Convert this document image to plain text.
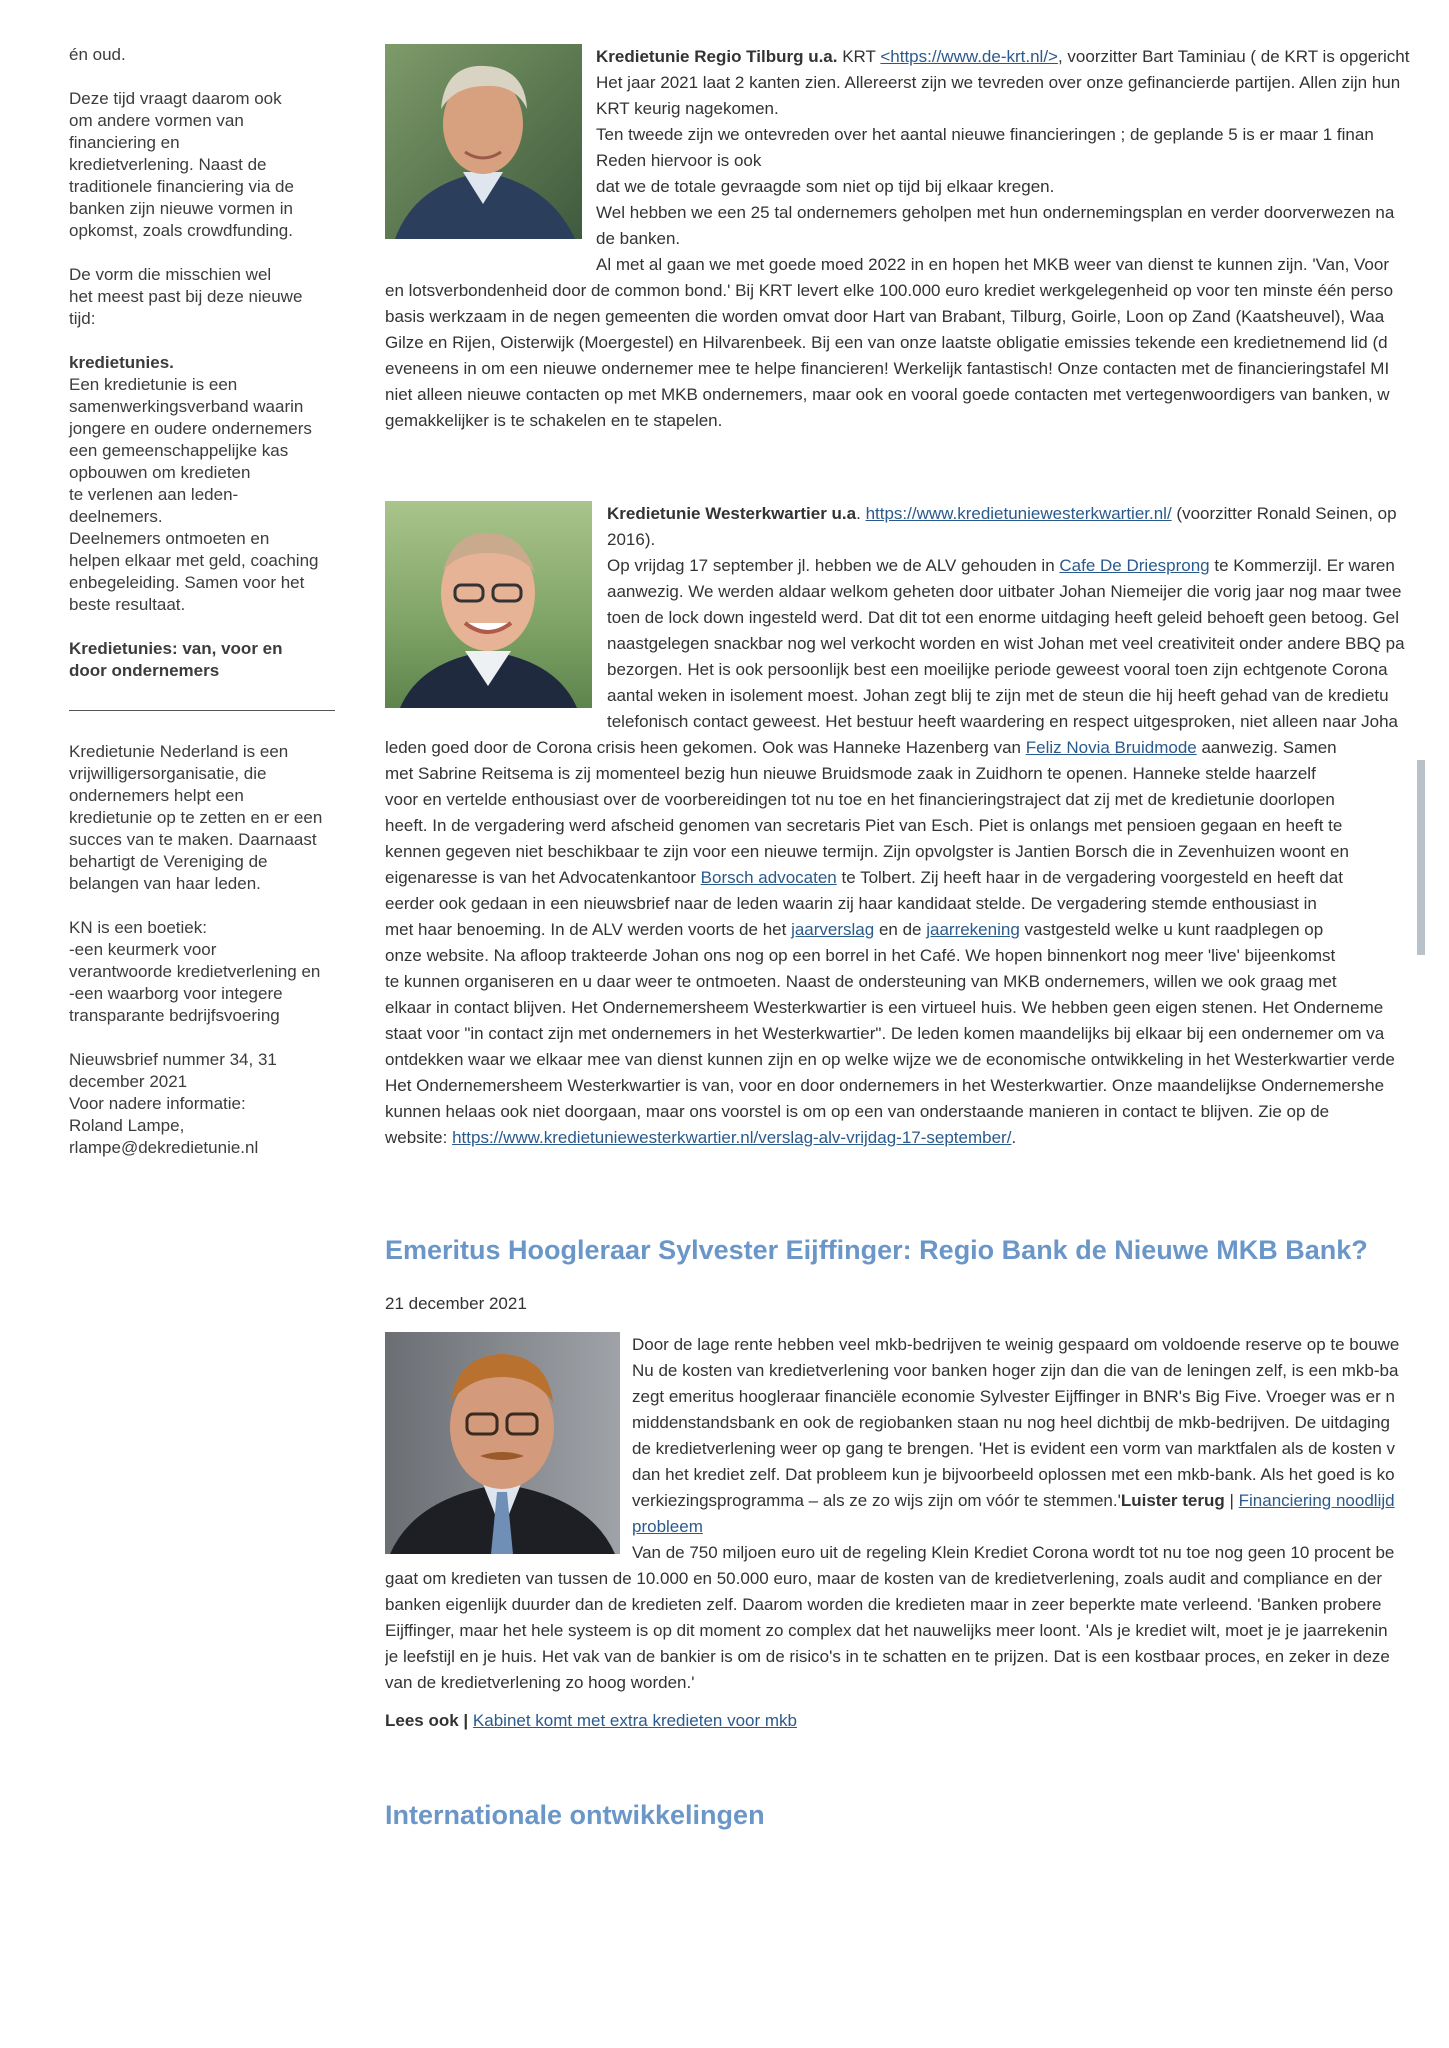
én oud.

Deze tijd vraagt daarom ook
om andere vormen van
financiering en
kredietverlening. Naast de
traditionele financiering via de
banken zijn nieuwe vormen in
opkomst, zoals crowdfunding.

De vorm die misschien wel
het meest past bij deze nieuwe
tijd:

kredietunies.
Een kredietunie is een
samenwerkingsverband waarin
jongere en oudere ondernemers
een gemeenschappelijke kas
opbouwen om kredieten
te verlenen aan leden-
deelnemers.
Deelnemers ontmoeten en
helpen elkaar met geld, coaching
enbegeleiding. Samen voor het
beste resultaat.

Kredietunies: van, voor en
door ondernemers

Kredietunie Nederland is een
vrijwilligersorganisatie, die
ondernemers helpt een
kredietunie op te zetten en er een
succes van te maken. Daarnaast
behartigt de Vereniging de
belangen van haar leden.

KN is een boetiek:
-een keurmerk voor
verantwoorde kredietverlening en
-een waarborg voor integere
transparante bedrijfsvoering

Nieuwsbrief nummer 34, 31
december 2021
Voor nadere informatie:
Roland Lampe,
rlampe@dekredietunie.nl

Kredietunie Regio Tilburg u.a. KRT <https://www.de-krt.nl/>, voorzitter Bart Taminiau ( de KRT is opgericht
Het jaar 2021 laat 2 kanten zien. Allereerst zijn we tevreden over onze gefinancierde partijen. Allen zijn hun
KRT keurig nagekomen.
Ten tweede zijn we ontevreden over het aantal nieuwe financieringen ; de geplande 5 is er maar 1 finan
Reden hiervoor is ook
dat we de totale gevraagde som niet op tijd bij elkaar kregen.
Wel hebben we een 25 tal ondernemers geholpen met hun ondernemingsplan en verder doorverwezen na
de banken.
Al met al gaan we met goede moed 2022 in en hopen het MKB weer van dienst te kunnen zijn. 'Van, Voor
en lotsverbondenheid door de common bond.' Bij KRT levert elke 100.000 euro krediet werkgelegenheid op voor ten minste één perso
basis werkzaam in de negen gemeenten die worden omvat door Hart van Brabant, Tilburg, Goirle, Loon op Zand (Kaatsheuvel), Waa
Gilze en Rijen, Oisterwijk (Moergestel) en Hilvarenbeek. Bij een van onze laatste obligatie emissies tekende een kredietnemend lid (d
eveneens in om een nieuwe ondernemer mee te helpe financieren! Werkelijk fantastisch! Onze contacten met de financieringstafel MI
niet alleen nieuwe contacten op met MKB ondernemers, maar ook en vooral goede contacten met vertegenwoordigers van banken, w
gemakkelijker is te schakelen en te stapelen.
Kredietunie Westerkwartier u.a. https://www.kredietuniewesterkwartier.nl/ (voorzitter Ronald Seinen, op
2016).
Op vrijdag 17 september jl. hebben we de ALV gehouden in Cafe De Driesprong te Kommerzijl. Er waren
aanwezig. We werden aldaar welkom geheten door uitbater Johan Niemeijer die vorig jaar nog maar twee
toen de lock down ingesteld werd. Dat dit tot een enorme uitdaging heeft geleid behoeft geen betoog. Gel
naastgelegen snackbar nog wel verkocht worden en wist Johan met veel creativiteit onder andere BBQ pa
bezorgen. Het is ook persoonlijk best een moeilijke periode geweest vooral toen zijn echtgenote Corona
aantal weken in isolement moest. Johan zegt blij te zijn met de steun die hij heeft gehad van de kredietu
telefonisch contact geweest. Het bestuur heeft waardering en respect uitgesproken, niet alleen naar Joha
leden goed door de Corona crisis heen gekomen. Ook was Hanneke Hazenberg van Feliz Novia Bruidmode aanwezig. Samen
met Sabrine Reitsema is zij momenteel bezig hun nieuwe Bruidsmode zaak in Zuidhorn te openen. Hanneke stelde haarzelf
voor en vertelde enthousiast over de voorbereidingen tot nu toe en het financieringstraject dat zij met de kredietunie doorlopen
heeft. In de vergadering werd afscheid genomen van secretaris Piet van Esch. Piet is onlangs met pensioen gegaan en heeft te
kennen gegeven niet beschikbaar te zijn voor een nieuwe termijn. Zijn opvolgster is Jantien Borsch die in Zevenhuizen woont en
eigenaresse is van het Advocatenkantoor Borsch advocaten te Tolbert. Zij heeft haar in de vergadering voorgesteld en heeft dat
eerder ook gedaan in een nieuwsbrief naar de leden waarin zij haar kandidaat stelde. De vergadering stemde enthousiast in
met haar benoeming. In de ALV werden voorts de het jaarverslag en de jaarrekening vastgesteld welke u kunt raadplegen op
onze website. Na afloop trakteerde Johan ons nog op een borrel in het Café. We hopen binnenkort nog meer 'live' bijeenkomst
te kunnen organiseren en u daar weer te ontmoeten. Naast de ondersteuning van MKB ondernemers, willen we ook graag met
elkaar in contact blijven. Het Ondernemersheem Westerkwartier is een virtueel huis. We hebben geen eigen stenen. Het Onderneme
staat voor "in contact zijn met ondernemers in het Westerkwartier". De leden komen maandelijks bij elkaar bij een ondernemer om va
ontdekken waar we elkaar mee van dienst kunnen zijn en op welke wijze we de economische ontwikkeling in het Westerkwartier verde
Het Ondernemersheem Westerkwartier is van, voor en door ondernemers in het Westerkwartier. Onze maandelijkse Ondernemershe
kunnen helaas ook niet doorgaan, maar ons voorstel is om op een van onderstaande manieren in contact te blijven. Zie op de
website: https://www.kredietuniewesterkwartier.nl/verslag-alv-vrijdag-17-september/.
Emeritus Hoogleraar Sylvester Eijffinger: Regio Bank de Nieuwe MKB Bank?
21 december 2021
Door de lage rente hebben veel mkb-bedrijven te weinig gespaard om voldoende reserve op te bouwe
Nu de kosten van kredietverlening voor banken hoger zijn dan die van de leningen zelf, is een mkb-ba
zegt emeritus hoogleraar financiële economie Sylvester Eijffinger in BNR's Big Five. Vroeger was er n
middenstandsbank en ook de regiobanken staan nu nog heel dichtbij de mkb-bedrijven. De uitdaging
de kredietverlening weer op gang te brengen. 'Het is evident een vorm van marktfalen als de kosten v
dan het krediet zelf. Dat probleem kun je bijvoorbeeld oplossen met een mkb-bank. Als het goed is ko
verkiezingsprogramma – als ze zo wijs zijn om vóór te stemmen.'Luister terug | Financiering noodlijd
probleem
Van de 750 miljoen euro uit de regeling Klein Krediet Corona wordt tot nu toe nog geen 10 procent be
gaat om kredieten van tussen de 10.000 en 50.000 euro, maar de kosten van de kredietverlening, zoals audit and compliance en der
banken eigenlijk duurder dan de kredieten zelf. Daarom worden die kredieten maar in zeer beperkte mate verleend. 'Banken probere
Eijffinger, maar het hele systeem is op dit moment zo complex dat het nauwelijks meer loont. 'Als je krediet wilt, moet je je jaarrekenin
je leefstijl en je huis. Het vak van de bankier is om de risico's in te schatten en te prijzen. Dat is een kostbaar proces, en zeker in deze
van de kredietverlening zo hoog worden.'
Lees ook | Kabinet komt met extra kredieten voor mkb
Internationale ontwikkelingen
